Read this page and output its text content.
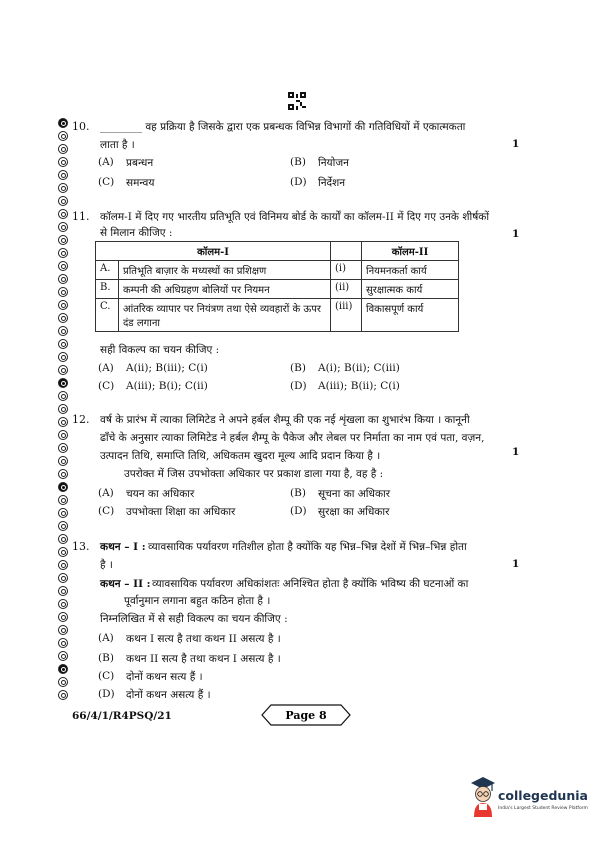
10. ________ वह प्रक्रिया है जिसके द्वारा एक प्रबन्धक विभिन्न विभागों की गतिविधियों में एकात्मकता
लाता है ।	1
(A) प्रबन्धन	(B) नियोजन
(C) समन्वय	(D) निर्देशन
11. कॉलम-I में दिए गए भारतीय प्रतिभूति एवं विनिमय बोर्ड के कार्यों का कॉलम-II में दिए गए उनके शीर्षकों
से मिलान कीजिए :	1
कॉलम-I			कॉलम-II
A.	प्रतिभूति बाज़ार के मध्यस्थों का प्रशिक्षण	(i)	नियमनकर्ता कार्य
B.	कम्पनी की अधिग्रहण बोलियों पर नियमन	(ii)	सुरक्षात्मक कार्य
C.	आंतरिक व्यापार पर नियंत्रण तथा ऐसे व्यवहारों के ऊपर दंड लगाना	(iii)	विकासपूर्ण कार्य
सही विकल्प का चयन कीजिए :
(A) A(ii); B(iii); C(i)	(B) A(i); B(ii); C(iii)
(C) A(iii); B(i); C(ii)	(D) A(iii); B(ii); C(i)
12. वर्ष के प्रारंभ में त्याका लिमिटेड ने अपने हर्बल शैम्पू की एक नई शृंखला का शुभारंभ किया । कानूनी
ढाँचे के अनुसार त्याका लिमिटेड ने हर्बल शैम्पू के पैकेज और लेबल पर निर्माता का नाम एवं पता, वज़न,
उत्पादन तिथि, समाप्ति तिथि, अधिकतम खुदरा मूल्य आदि प्रदान किया है ।	1
उपरोक्त में जिस उपभोक्ता अधिकार पर प्रकाश डाला गया है, वह है :
(A) चयन का अधिकार	(B) सूचना का अधिकार
(C) उपभोक्ता शिक्षा का अधिकार	(D) सुरक्षा का अधिकार
13. कथन – I : व्यावसायिक पर्यावरण गतिशील होता है क्योंकि यह भिन्न–भिन्न देशों में भिन्न–भिन्न होता
है ।	1
कथन – II : व्यावसायिक पर्यावरण अधिकांशतः अनिश्चित होता है क्योंकि भविष्य की घटनाओं का
पूर्वानुमान लगाना बहुत कठिन होता है ।
निम्नलिखित में से सही विकल्प का चयन कीजिए :
(A) कथन I सत्य है तथा कथन II असत्य है ।
(B) कथन II सत्य है तथा कथन I असत्य है ।
(C) दोनों कथन सत्य हैं ।
(D) दोनों कथन असत्य हैं ।
66/4/1/R4PSQ/21	Page 8
collegedunia
India's Largest Student Review Platform
